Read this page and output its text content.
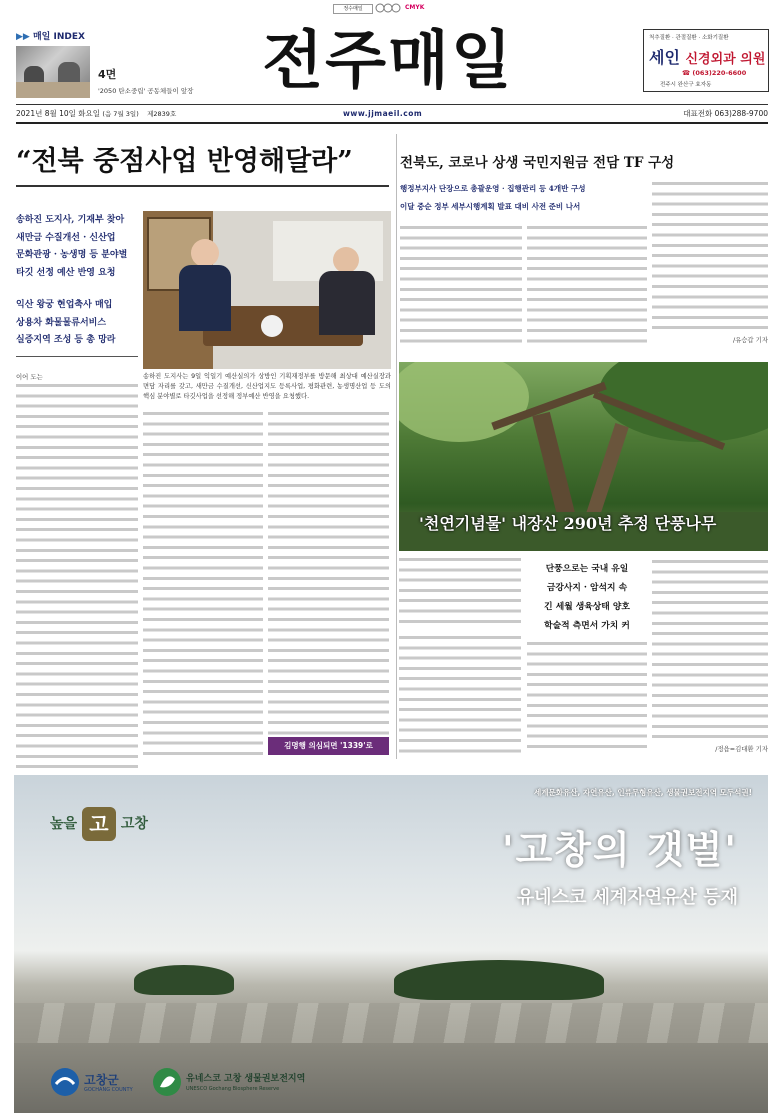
정수매일	CMYK
▶▶ 매일 INDEX
4면
'2050 탄소중립' 공동체들이 앞장 전주매일	척추질환 · 관절질환 · 소화기질환
세인 신경외과 의원
☎ (063)220-6600
전주시 완산구 효자동
2021년 8월 10일 화요일 (음 7월 3일) 제2839호	www.jjmaeil.com	대표전화 063)288-9700
“전북 중점사업 반영해달라”
송하진 도지사, 기재부 찾아
새만금 수질개선 · 신산업
문화관광 · 농생명 등 분야별
타깃 선정 예산 반영 요청
익산 왕궁 현업축사 매입
상용차 화물물류서비스
실증지역 조성 등 총 망라
이어 도는	송하진 도지사는 9일 익일기 예산실의가 상방인 기획재정부를 방문해 최상대 예산실장과 면담 자리를 갖고, 새만금 수질개선, 신산업지도 등록사업, 평화관련, 농생명산업 등 도의 핵심 분야별로 타깃사업을 선정해 정부예산 반영을 요청했다.
김명행 의심되면 '1339'로
전북도, 코로나 상생 국민지원금 전담 TF 구성
행정부지사 단장으로 총괄운영 · 집행관리 등 4개반 구성
이달 중순 정부 세부시행계획 발표 대비 사전 준비 나서
/유승갑 기자
'천연기념물' 내장산 290년 추정 단풍나무
단풍으로는 국내 유일
금강사지 · 암석지 속
긴 세월 생육상태 양호
학술적 측면서 가치 커
/정읍=김대환 기자
높을 고 고창
세계문화유산, 자연유산, 인류무형유산, 생물권보전지역 모두석권!
'고창의 갯벌'
유네스코 세계자연유산 등재
고창군
GOCHANG COUNTY
유네스코 고창 생물권보전지역
UNESCO Gochang Biosphere Reserve
